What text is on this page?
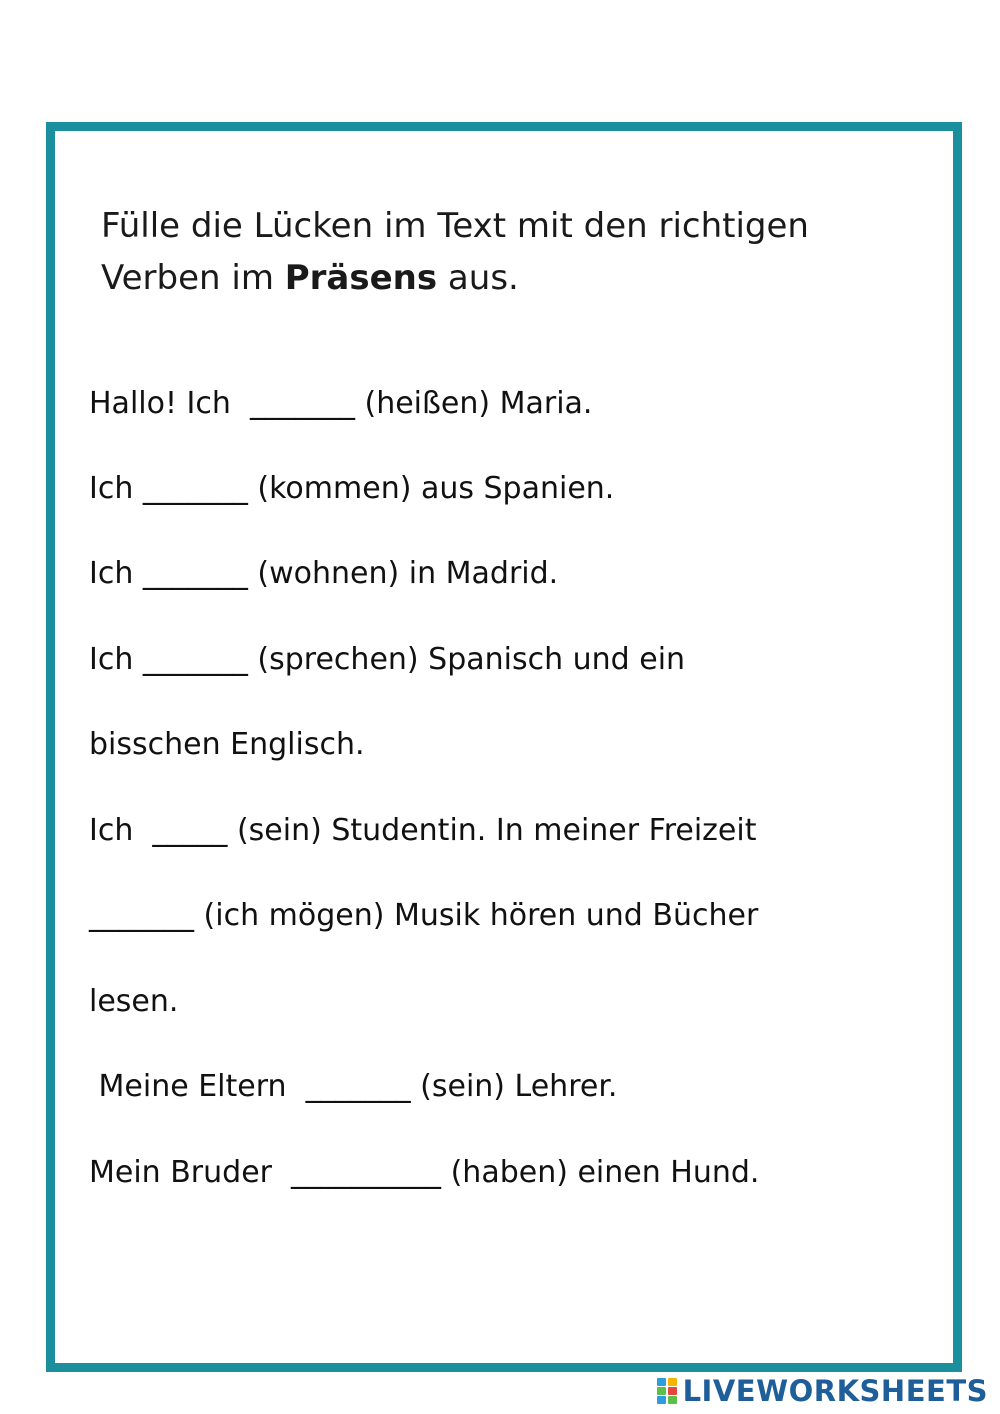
Fülle die Lücken im Text mit den richtigen
Verben im Präsens aus.
Hallo! Ich  _______ (heißen) Maria.
Ich _______ (kommen) aus Spanien.
Ich _______ (wohnen) in Madrid.
Ich _______ (sprechen) Spanisch und ein
bisschen Englisch.
Ich  _____ (sein) Studentin. In meiner Freizeit
_______ (ich mögen) Musik hören und Bücher
lesen.
Meine Eltern  _______ (sein) Lehrer.
Mein Bruder  __________ (haben) einen Hund.
LIVEWORKSHEETS
